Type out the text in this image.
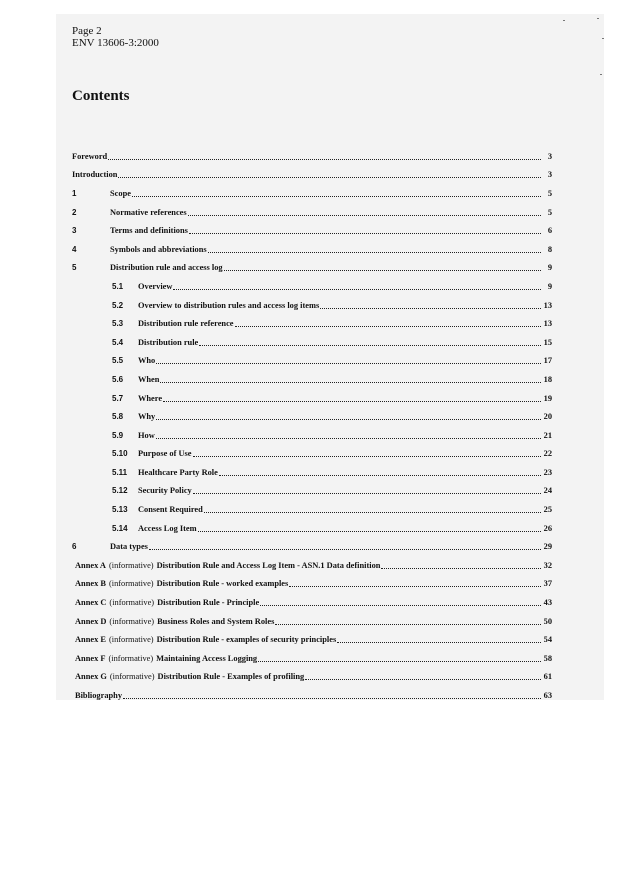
Page 2
ENV 13606-3:2000
Contents
Foreword	3
Introduction	3
1	Scope	5
2	Normative references	5
3	Terms and definitions	6
4	Symbols and abbreviations	8
5	Distribution rule and access log	9
5.1	Overview	9
5.2	Overview to distribution rules and access log items	13
5.3	Distribution rule reference	13
5.4	Distribution rule	15
5.5	Who	17
5.6	When	18
5.7	Where	19
5.8	Why	20
5.9	How	21
5.10	Purpose of Use	22
5.11	Healthcare Party Role	23
5.12	Security Policy	24
5.13	Consent Required	25
5.14	Access Log Item	26
6	Data types	29
Annex A (informative) Distribution Rule and Access Log Item - ASN.1 Data definition	32
Annex B (informative) Distribution Rule - worked examples	37
Annex C (informative) Distribution Rule - Principle	43
Annex D (informative) Business Roles and System Roles	50
Annex E (informative) Distribution Rule - examples of security principles	54
Annex F (informative) Maintaining Access Logging	58
Annex G (informative) Distribution Rule - Examples of profiling	61
Bibliography	63
